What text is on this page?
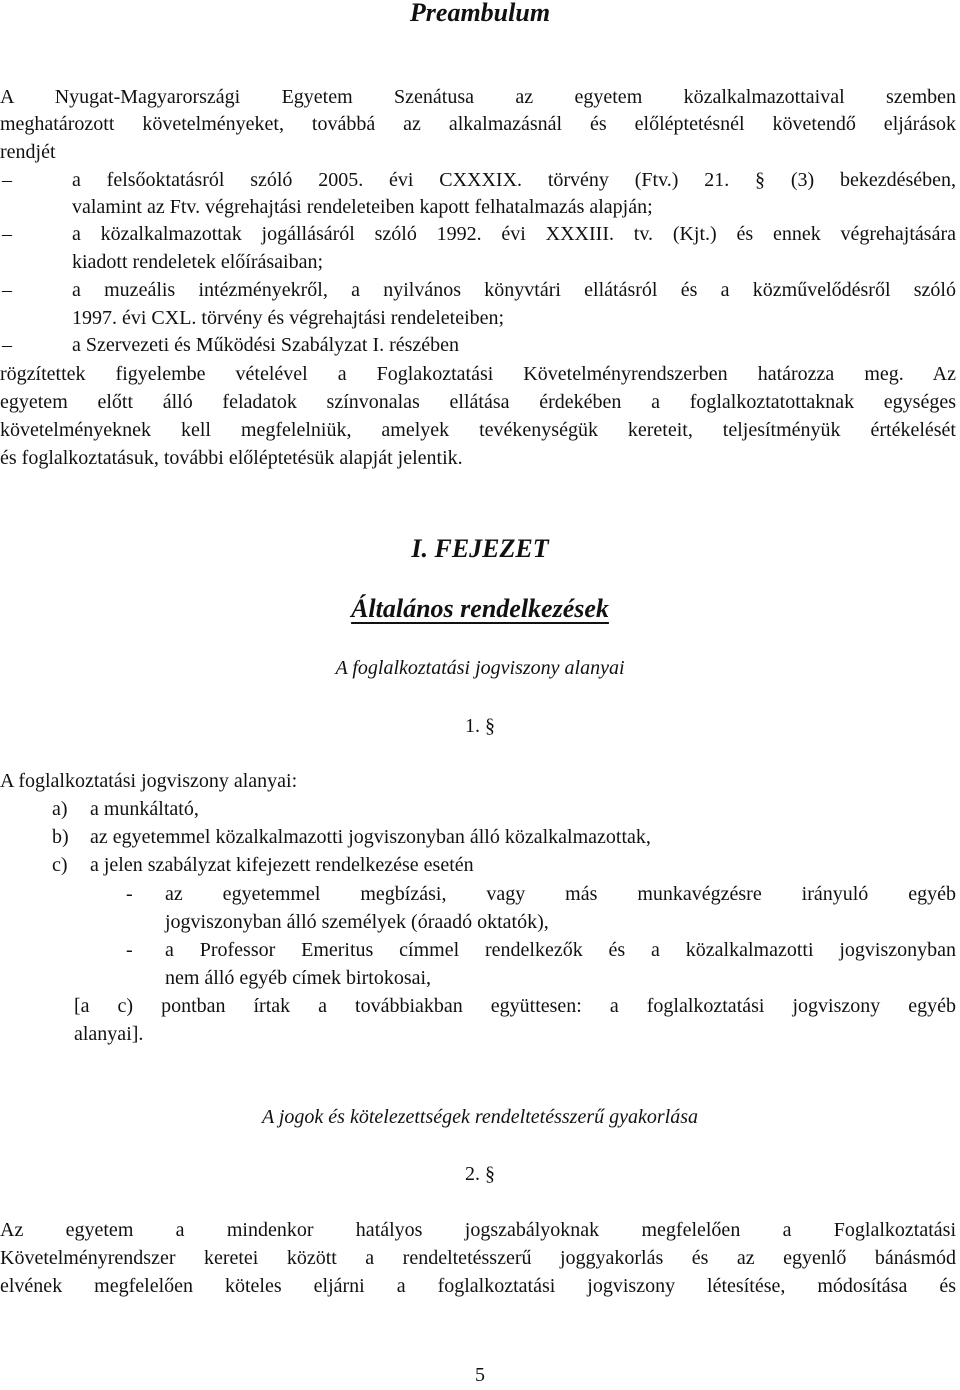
Preambulum
A Nyugat-Magyarországi Egyetem Szenátusa az egyetem közalkalmazottaival szemben
meghatározott követelményeket, továbbá az alkalmazásnál és előléptetésnél követendő eljárások
rendjét
–	a felsőoktatásról szóló 2005. évi CXXXIX. törvény (Ftv.) 21. § (3) bekezdésében,
valamint az Ftv. végrehajtási rendeleteiben kapott felhatalmazás alapján;
–	a közalkalmazottak jogállásáról szóló 1992. évi XXXIII. tv. (Kjt.) és ennek végrehajtására
kiadott rendeletek előírásaiban;
–	a muzeális intézményekről, a nyilvános könyvtári ellátásról és a közművelődésről szóló
1997. évi CXL. törvény és végrehajtási rendeleteiben;
–	a Szervezeti és Működési Szabályzat I. részében
rögzítettek figyelembe vételével a Foglakoztatási Követelményrendszerben határozza meg. Az
egyetem előtt álló feladatok színvonalas ellátása érdekében a foglalkoztatottaknak egységes
követelményeknek kell megfelelniük, amelyek tevékenységük kereteit, teljesítményük értékelését
és foglalkoztatásuk, további előléptetésük alapját jelentik.
I. FEJEZET
Általános rendelkezések
A foglalkoztatási jogviszony alanyai
1. §
A foglalkoztatási jogviszony alanyai:
a) a munkáltató,
b) az egyetemmel közalkalmazotti jogviszonyban álló közalkalmazottak,
c) a jelen szabályzat kifejezett rendelkezése esetén
-	az egyetemmel megbízási, vagy más munkavégzésre irányuló egyéb
jogviszonyban álló személyek (óraadó oktatók),
-	a Professor Emeritus címmel rendelkezők és a közalkalmazotti jogviszonyban
nem álló egyéb címek birtokosai,
[a c) pontban írtak a továbbiakban együttesen: a foglalkoztatási jogviszony egyéb
alanyai].
A jogok és kötelezettségek rendeltetésszerű gyakorlása
2. §
Az egyetem a mindenkor hatályos jogszabályoknak megfelelően a Foglalkoztatási
Követelményrendszer keretei között a rendeltetésszerű joggyakorlás és az egyenlő bánásmód
elvének megfelelően köteles eljárni a foglalkoztatási jogviszony létesítése, módosítása és
5
